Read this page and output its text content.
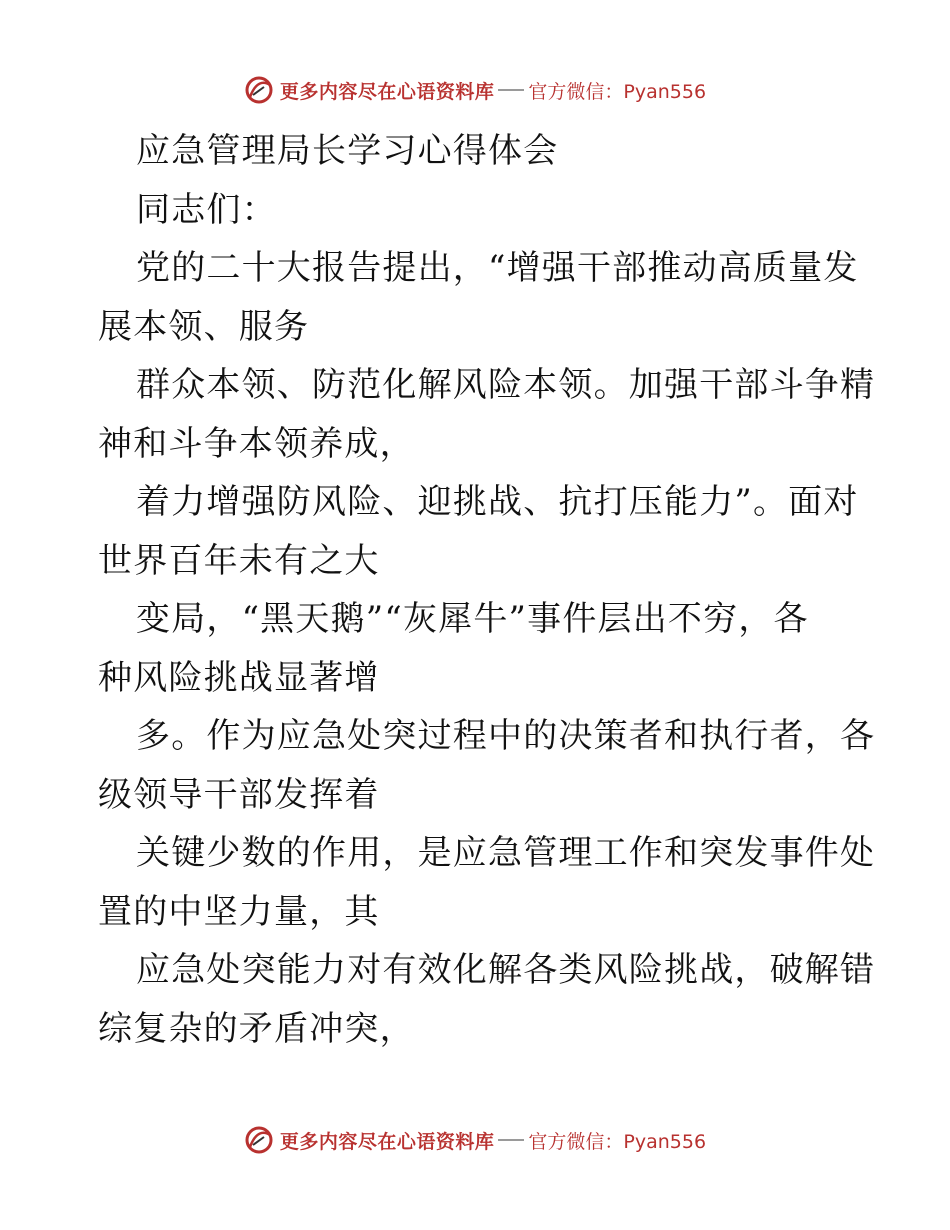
更多内容尽在心语资料库 官方微信：Pyan556
应急管理局长学习心得体会
同志们：
党的二十大报告提出，“增强干部推动高质量发
展本领、服务
群众本领、防范化解风险本领。加强干部斗争精
神和斗争本领养成，
着力增强防风险、迎挑战、抗打压能力”。面对
世界百年未有之大
变局，“黑天鹅”“灰犀牛”事件层出不穷，各
种风险挑战显著增
多。作为应急处突过程中的决策者和执行者，各
级领导干部发挥着
关键少数的作用，是应急管理工作和突发事件处
置的中坚力量，其
应急处突能力对有效化解各类风险挑战，破解错
综复杂的矛盾冲突，
更多内容尽在心语资料库 官方微信：Pyan556
